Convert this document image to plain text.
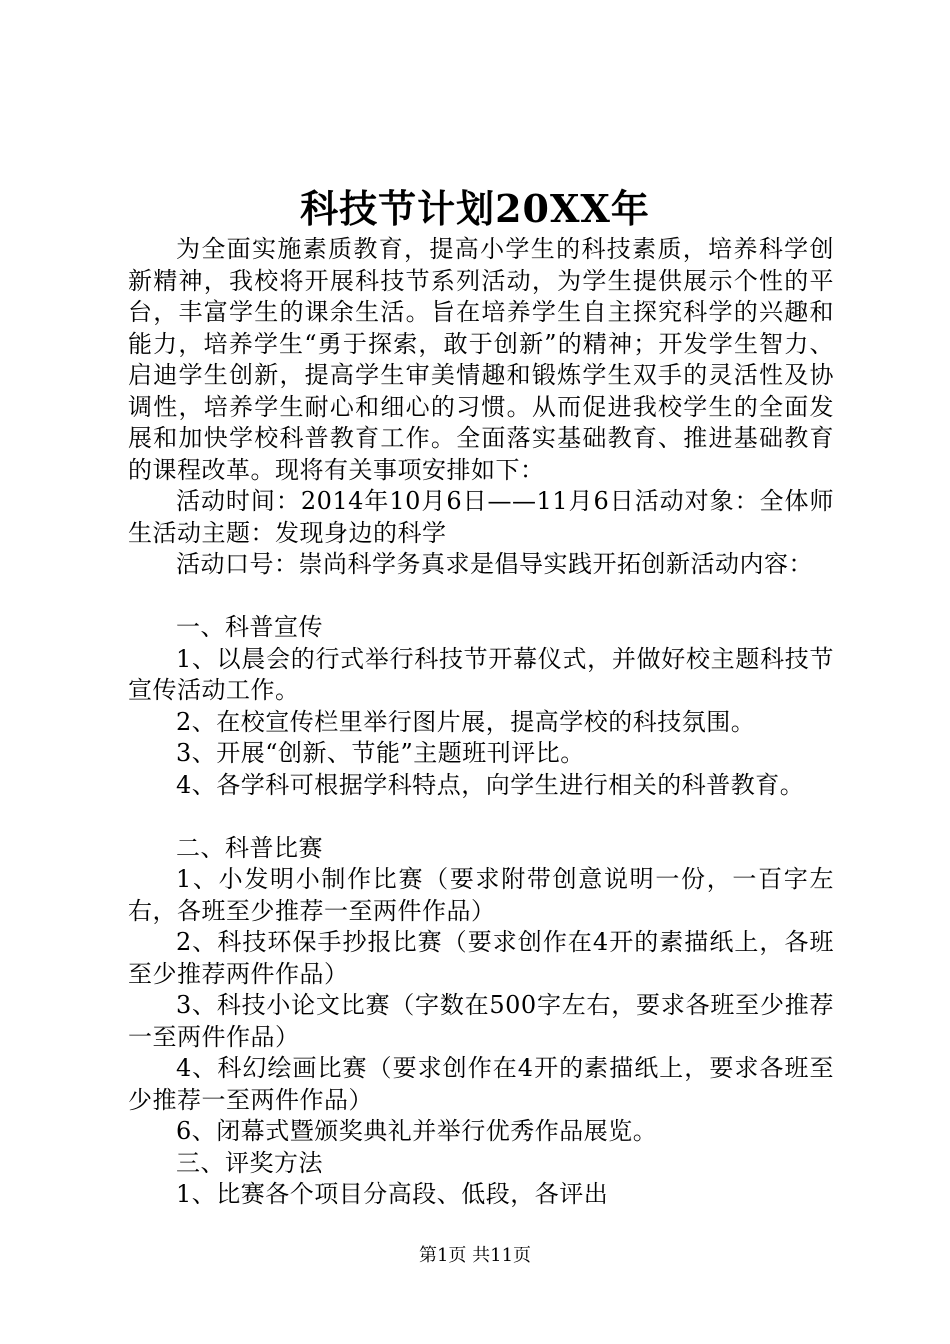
科技节计划20XX年

为全面实施素质教育，提高小学生的科技素质，培养科学创新精神，我校将开展科技节系列活动，为学生提供展示个性的平台，丰富学生的课余生活。旨在培养学生自主探究科学的兴趣和能力，培养学生“勇于探索，敢于创新”的精神；开发学生智力、启迪学生创新，提高学生审美情趣和锻炼学生双手的灵活性及协调性，培养学生耐心和细心的习惯。从而促进我校学生的全面发展和加快学校科普教育工作。全面落实基础教育、推进基础教育的课程改革。现将有关事项安排如下：

活动时间：2014年10月6日——11月6日活动对象：全体师生活动主题：发现身边的科学

活动口号：崇尚科学务真求是倡导实践开拓创新活动内容：

一、科普宣传

1、以晨会的行式举行科技节开幕仪式，并做好校主题科技节宣传活动工作。

2、在校宣传栏里举行图片展，提高学校的科技氛围。

3、开展“创新、节能”主题班刊评比。

4、各学科可根据学科特点，向学生进行相关的科普教育。

二、科普比赛

1、小发明小制作比赛（要求附带创意说明一份，一百字左右，各班至少推荐一至两件作品）

2、科技环保手抄报比赛（要求创作在4开的素描纸上，各班至少推荐两件作品）

3、科技小论文比赛（字数在500字左右，要求各班至少推荐一至两件作品）

4、科幻绘画比赛（要求创作在4开的素描纸上，要求各班至少推荐一至两件作品）

6、闭幕式暨颁奖典礼并举行优秀作品展览。

三、评奖方法

1、比赛各个项目分高段、低段，各评出

第1页 共11页
